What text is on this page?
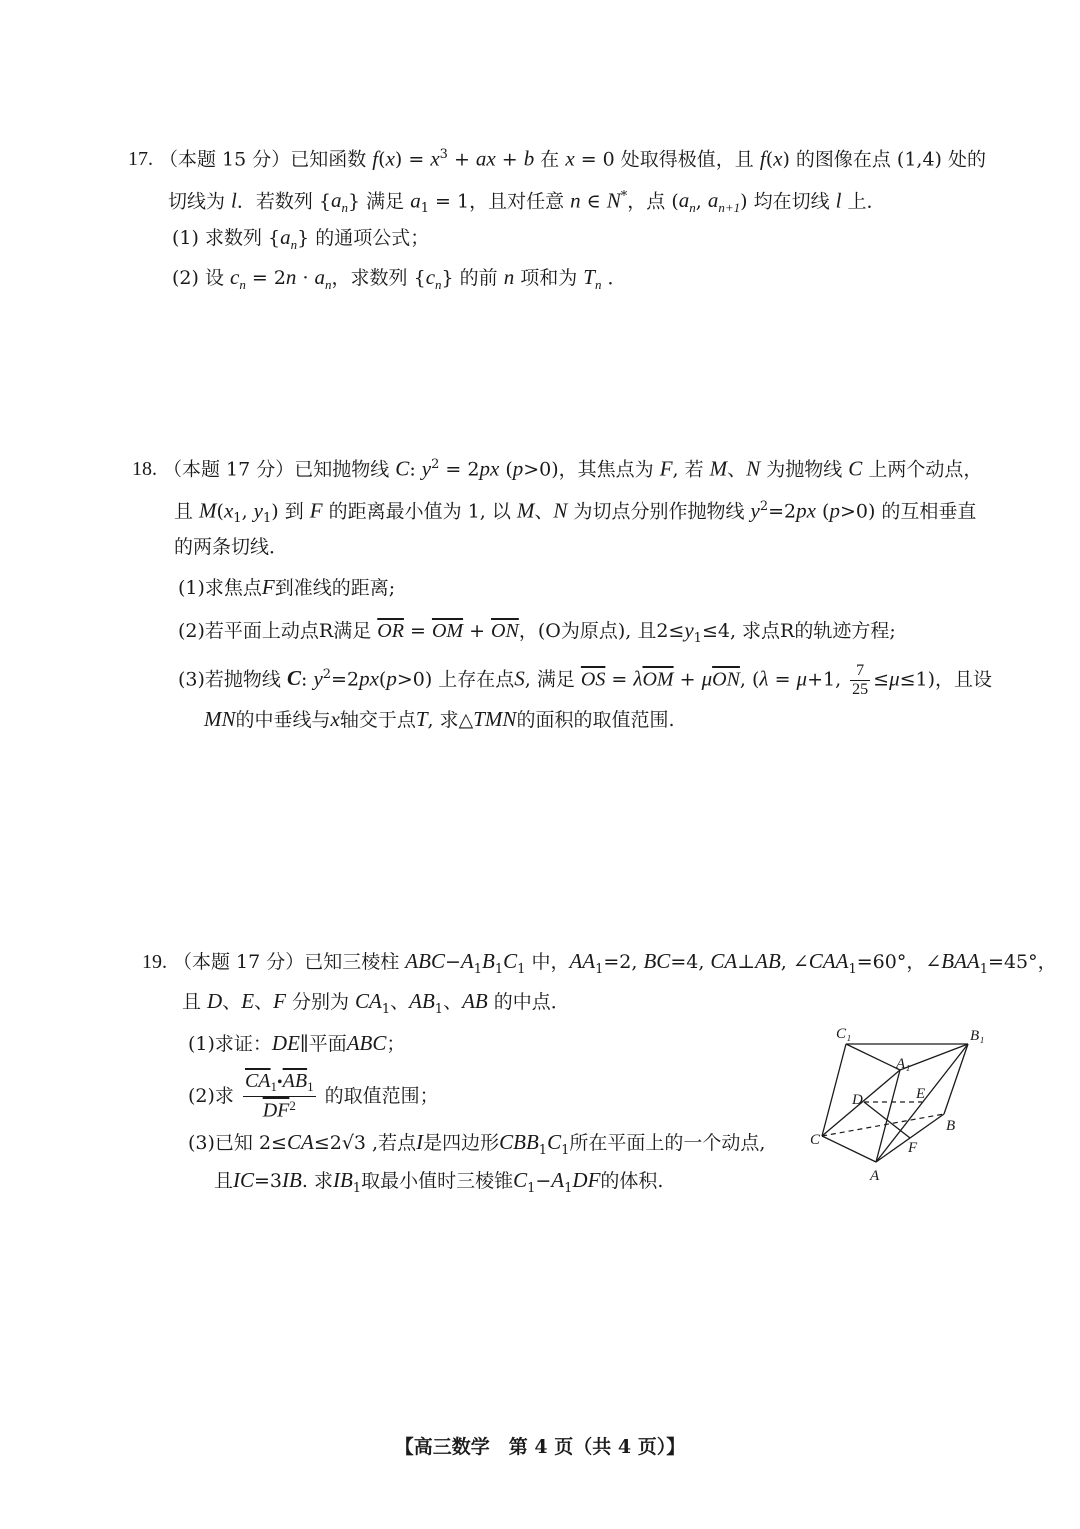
17. （本题 15 分）已知函数 $f(x) = x^3$ + ax + b 在 x = 0 处取得极值，且 f(x) 的图像在点 (1,4) 处的
切线为 l．若数列 $\{a_n\}$ 满足 $a_1 = 1$，且对任意 n ∈ N*，点 ($a_n$, $a_{n+1}$) 均在切线 l 上．
(1) 求数列 $\{a_n\}$ 的通项公式；
(2) 设 $c_n = 2n \cdot a_n$，求数列 $\{c_n\}$ 的前 n 项和为 $T_n$ ．
18. （本题 17 分）已知抛物线 C: $y^2 = 2px$ (p>0)，其焦点为 F, 若 M、N 为抛物线 C 上两个动点，
且 $M(x_1$, $y_1$) 到 F 的距离最小值为 1, 以 M、N 为切点分别作抛物线 $y^2=2px$ (p>0) 的互相垂直
的两条切线．
(1)求焦点F到准线的距离;
(2)若平面上动点R满足 $\overline{OR} = \overline{OM} + \overline{ON}$，(O为原点), 且$2\le y_1\le 4$, 求点R的轨迹方程;
(3)若抛物线 C: $y^2=2px(p>0)$ 上存在点S, 满足 $\overline{OS} = \lambda\overline{OM} + \mu\overline{ON}$, (λ = μ+1, $\frac{7}{25} \le\mu\le 1$)，且设
MN的中垂线与x轴交于点T, 求△TMN的面积的取值范围.
19. （本题 17 分）已知三棱柱 $ABC-A_1B_1C_1$ 中，$AA_1=2$, BC=4, CA⊥AB, $\angle CAA_1=60^\circ$，$\angle BAA_1=45^\circ$，
且 D、E、F 分别为 $CA_1$、$AB_1$、AB 的中点．
(1)求证：DE∥平面ABC；
(2)求 $\frac{\overline{CA}_1•\overline{AB}_1}{\overline{DF}^2}$ 的取值范围；
(3)已知 2≤CA≤2√3 ,若点I是四边形$CBB_1C_1$所在平面上的一个动点,
且IC=3IB. 求$IB_1$取最小值时三棱锥$C_1-A_1DF$的体积.
C₁	B₁
A₁
D	E
B
C	F
A
【高三数学　第 4 页（共 4 页）】
